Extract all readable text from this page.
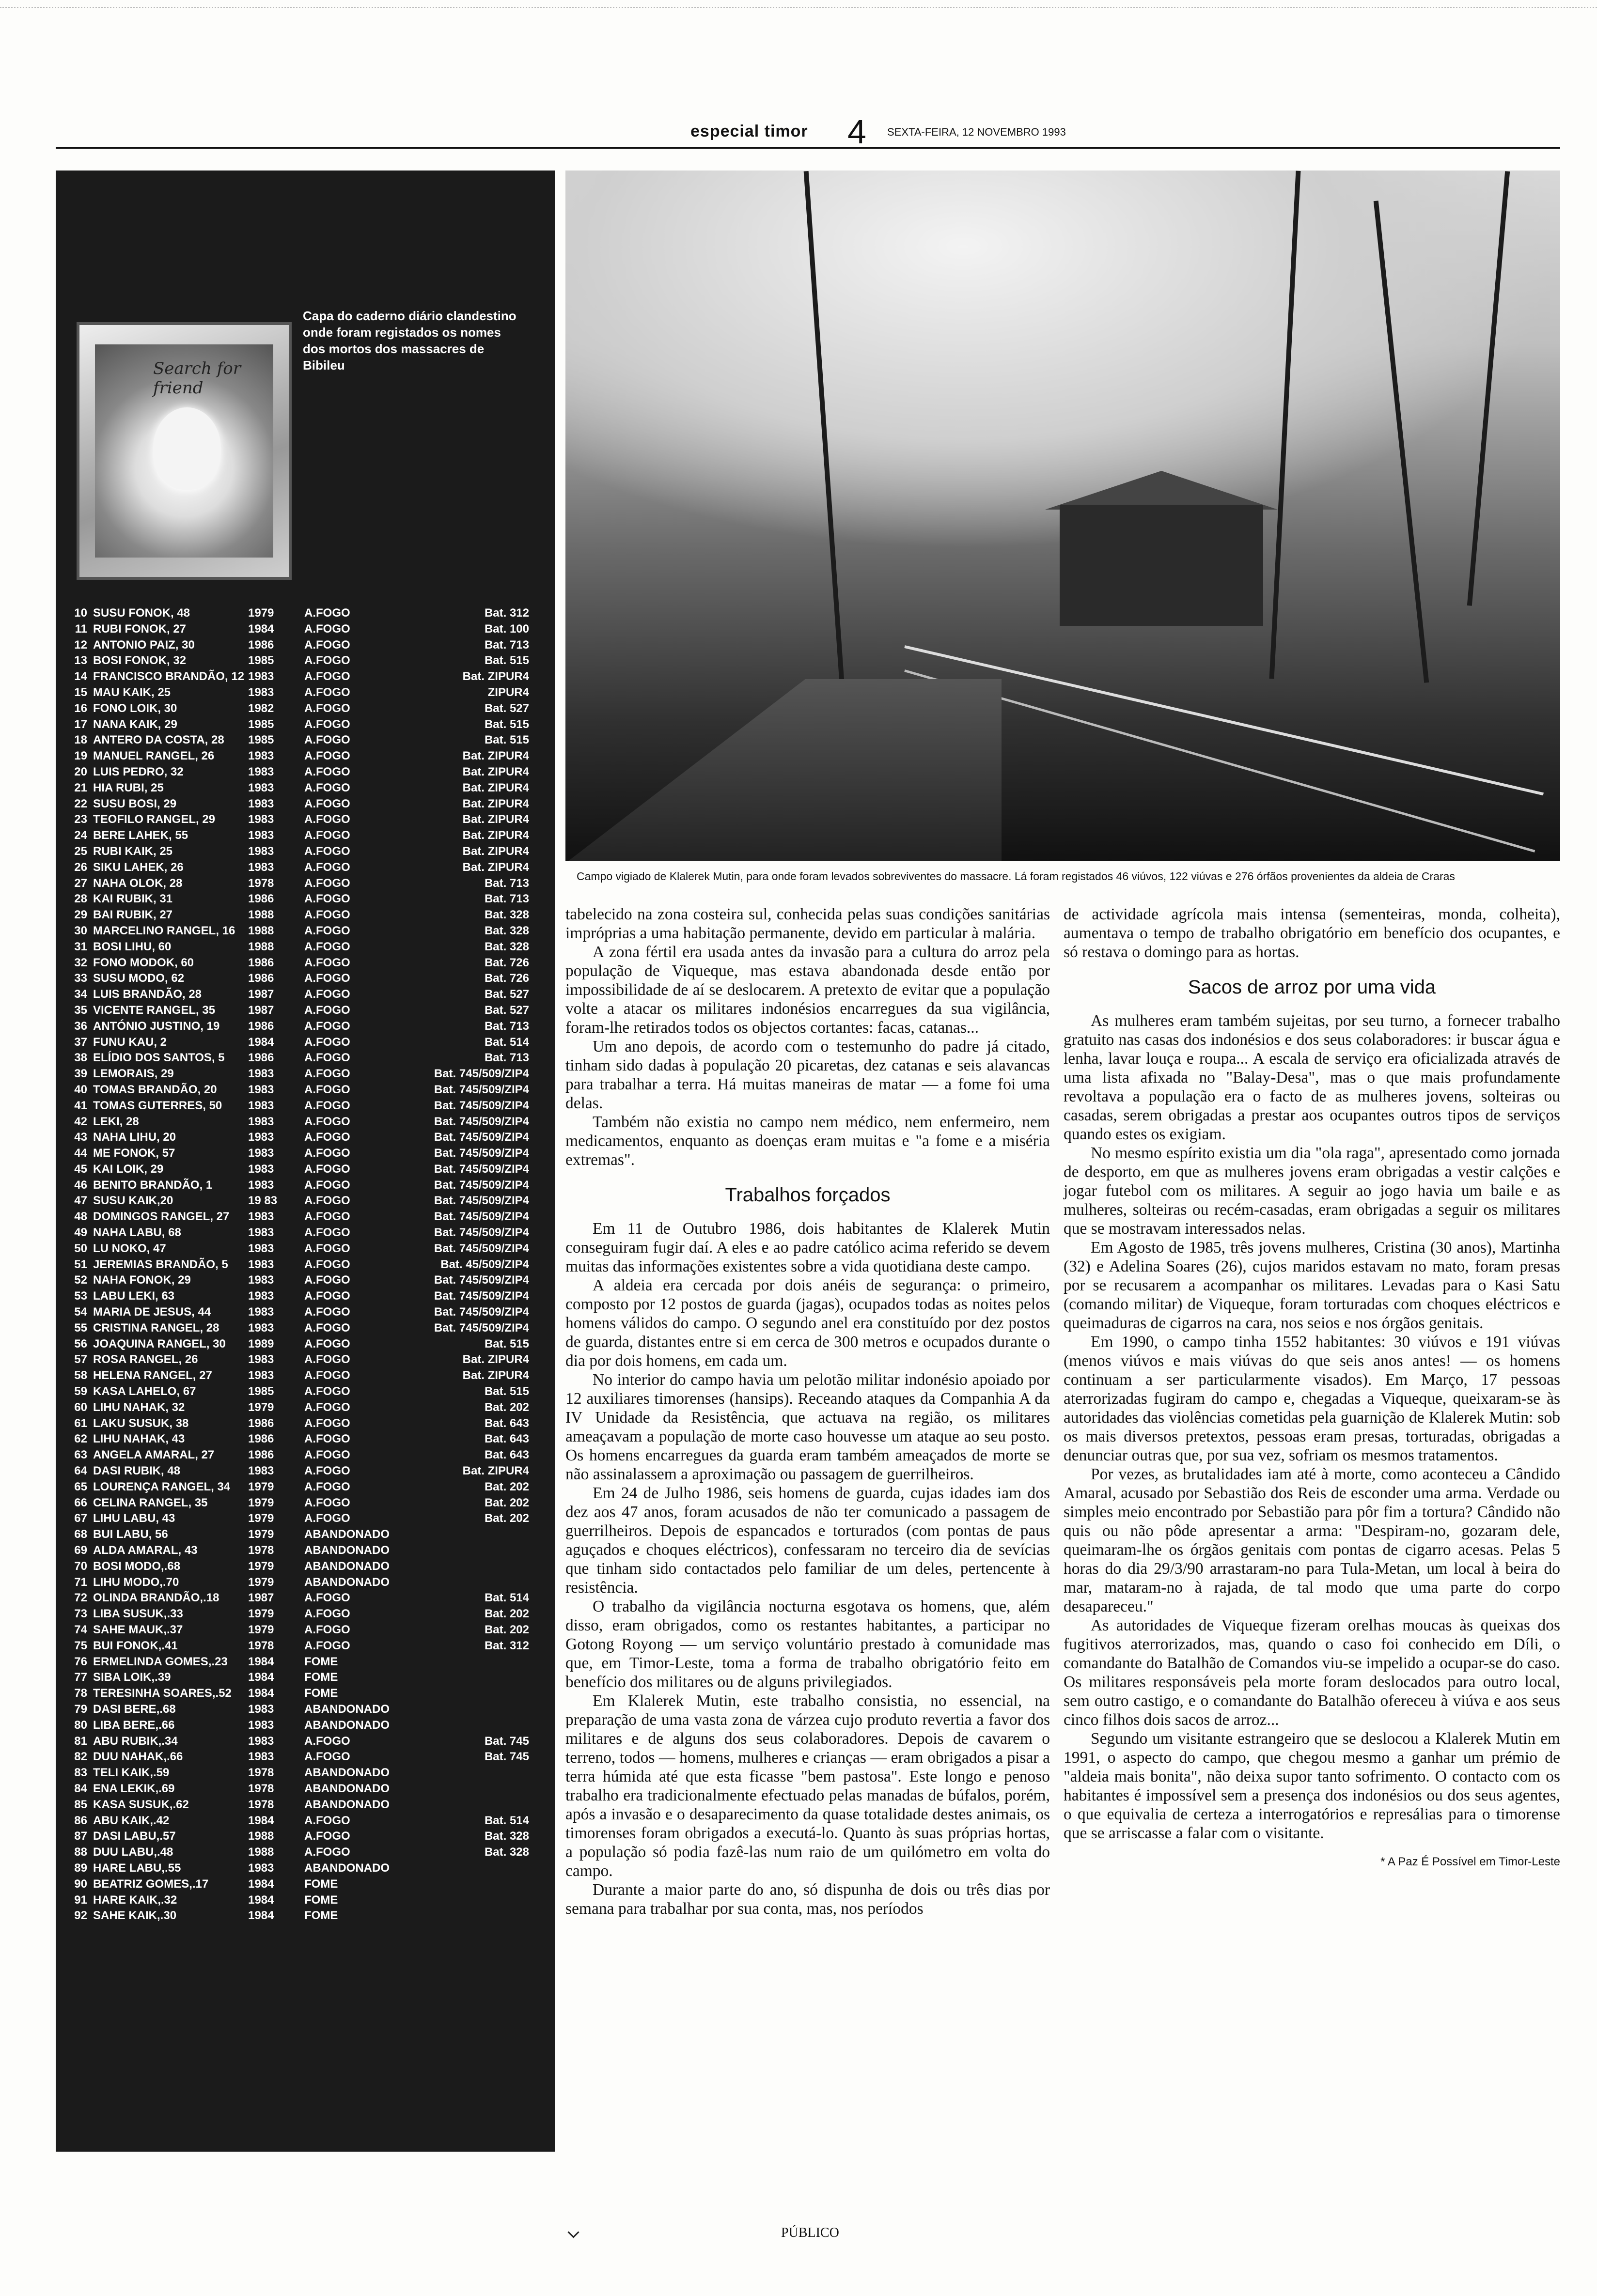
especial timor 4 SEXTA-FEIRA, 12 NOVEMBRO 1993
Search for friend
Capa do caderno diário clandestino onde foram registados os nomes dos mortos dos massacres de Bibileu
10 SUSU FONOK, 48	1979	A.FOGO	Bat. 312
11 RUBI FONOK, 27	1984	A.FOGO	Bat. 100
12 ANTONIO PAIZ, 30	1986	A.FOGO	Bat. 713
13 BOSI FONOK, 32	1985	A.FOGO	Bat. 515
14 FRANCISCO BRANDÃO, 12 1983	A.FOGO	Bat. ZIPUR4
15 MAU KAIK, 25	1983	A.FOGO	ZIPUR4
16 FONO LOIK, 30	1982	A.FOGO	Bat. 527
17 NANA KAIK, 29	1985	A.FOGO	Bat. 515
18 ANTERO DA COSTA, 28 1985	A.FOGO	Bat. 515
19 MANUEL RANGEL, 26	1983	A.FOGO	Bat. ZIPUR4
20 LUIS PEDRO, 32	1983	A.FOGO	Bat. ZIPUR4
21 HIA RUBI, 25	1983	A.FOGO	Bat. ZIPUR4
22 SUSU BOSI, 29	1983	A.FOGO	Bat. ZIPUR4
23 TEOFILO RANGEL, 29	1983	A.FOGO	Bat. ZIPUR4
24 BERE LAHEK, 55	1983	A.FOGO	Bat. ZIPUR4
25 RUBI KAIK, 25	1983	A.FOGO	Bat. ZIPUR4
26 SIKU LAHEK, 26	1983	A.FOGO	Bat. ZIPUR4
27 NAHA OLOK, 28	1978	A.FOGO	Bat. 713
28 KAI RUBIK, 31	1986	A.FOGO	Bat. 713
29 BAI RUBIK, 27	1988	A.FOGO	Bat. 328
30 MARCELINO RANGEL, 16 1988	A.FOGO	Bat. 328
31 BOSI LIHU, 60	1988	A.FOGO	Bat. 328
32 FONO MODOK, 60	1986	A.FOGO	Bat. 726
33 SUSU MODO, 62	1986	A.FOGO	Bat. 726
34 LUIS BRANDÃO, 28	1987	A.FOGO	Bat. 527
35 VICENTE RANGEL, 35	1987	A.FOGO	Bat. 527
36 ANTÓNIO JUSTINO, 19 1986	A.FOGO	Bat. 713
37 FUNU KAU, 2	1984	A.FOGO	Bat. 514
38 ELÍDIO DOS SANTOS, 5 1986	A.FOGO	Bat. 713
39 LEMORAIS, 29	1983	A.FOGO	Bat. 745/509/ZIP4
40 TOMAS BRANDÃO, 20	1983	A.FOGO	Bat. 745/509/ZIP4
41 TOMAS GUTERRES, 50 1983	A.FOGO	Bat. 745/509/ZIP4
42 LEKI, 28	1983	A.FOGO	Bat. 745/509/ZIP4
43 NAHA LIHU, 20	1983	A.FOGO	Bat. 745/509/ZIP4
44 ME FONOK, 57	1983	A.FOGO	Bat. 745/509/ZIP4
45 KAI LOIK, 29	1983	A.FOGO	Bat. 745/509/ZIP4
46 BENITO BRANDÃO, 1	1983	A.FOGO	Bat. 745/509/ZIP4
47 SUSU KAIK,20	19 83 A.FOGO	Bat. 745/509/ZIP4
48 DOMINGOS RANGEL, 27 1983	A.FOGO	Bat. 745/509/ZIP4
49 NAHA LABU, 68	1983	A.FOGO	Bat. 745/509/ZIP4
50 LU NOKO, 47	1983	A.FOGO	Bat. 745/509/ZIP4
51 JEREMIAS BRANDÃO, 5 1983	A.FOGO	Bat. 45/509/ZIP4
52 NAHA FONOK, 29	1983	A.FOGO	Bat. 745/509/ZIP4
53 LABU LEKI, 63	1983	A.FOGO	Bat. 745/509/ZIP4
54 MARIA DE JESUS, 44	1983	A.FOGO	Bat. 745/509/ZIP4
55 CRISTINA RANGEL, 28 1983	A.FOGO	Bat. 745/509/ZIP4
56 JOAQUINA RANGEL, 30 1989	A.FOGO	Bat. 515
57 ROSA RANGEL, 26	1983	A.FOGO	Bat. ZIPUR4
58 HELENA RANGEL, 27	1983	A.FOGO	Bat. ZIPUR4
59 KASA LAHELO, 67	1985	A.FOGO	Bat. 515
60 LIHU NAHAK, 32	1979	A.FOGO	Bat. 202
61 LAKU SUSUK, 38	1986	A.FOGO	Bat. 643
62 LIHU NAHAK, 43	1986	A.FOGO	Bat. 643
63 ANGELA AMARAL, 27	1986	A.FOGO	Bat. 643
64 DASI RUBIK, 48	1983	A.FOGO	Bat. ZIPUR4
65 LOURENÇA RANGEL, 34 1979	A.FOGO	Bat. 202
66 CELINA RANGEL, 35	1979	A.FOGO	Bat. 202
67 LIHU LABU, 43	1979	A.FOGO	Bat. 202
68 BUI LABU, 56	1979	ABANDONADO
69 ALDA AMARAL, 43	1978	ABANDONADO
70 BOSI MODO,.68	1979	ABANDONADO
71 LIHU MODO,.70	1979	ABANDONADO
72 OLINDA BRANDÃO,.18 1987	A.FOGO	Bat. 514
73 LIBA SUSUK,.33	1979	A.FOGO	Bat. 202
74 SAHE MAUK,.37	1979	A.FOGO	Bat. 202
75 BUI FONOK,.41	1978	A.FOGO	Bat. 312
76 ERMELINDA GOMES,.23 1984	FOME
77 SIBA LOIK,.39	1984	FOME
78 TERESINHA SOARES,.52 1984	FOME
79 DASI BERE,.68	1983	ABANDONADO
80 LIBA BERE,.66	1983	ABANDONADO
81 ABU RUBIK,.34	1983	A.FOGO	Bat. 745
82 DUU NAHAK,.66	1983	A.FOGO	Bat. 745
83 TELI KAIK,.59	1978	ABANDONADO
84 ENA LEKIK,.69	1978	ABANDONADO
85 KASA SUSUK,.62	1978	ABANDONADO
86 ABU KAIK,.42	1984	A.FOGO	Bat. 514
87 DASI LABU,.57	1988	A.FOGO	Bat. 328
88 DUU LABU,.48	1988	A.FOGO	Bat. 328
89 HARE LABU,.55	1983	ABANDONADO
90 BEATRIZ GOMES,.17	1984	FOME
91 HARE KAIK,.32	1984	FOME
92 SAHE KAIK,.30	1984	FOME
Campo vigiado de Klalerek Mutin, para onde foram levados sobreviventes do massacre. Lá foram registados 46 viúvos, 122 viúvas e 276 órfãos provenientes da aldeia de Craras

tabelecido na zona costeira sul, conhecida pelas suas condições sanitárias impróprias a uma habitação permanente, devido em particular à malária.

A zona fértil era usada antes da invasão para a cultura do arroz pela população de Viqueque, mas estava abandonada desde então por impossibilidade de aí se deslocarem. A pretexto de evitar que a população volte a atacar os militares indonésios encarregues da sua vigilância, foram-lhe retirados todos os objectos cortantes: facas, catanas...

Um ano depois, de acordo com o testemunho do padre já citado, tinham sido dadas à população 20 picaretas, dez catanas e seis alavancas para trabalhar a terra. Há muitas maneiras de matar — a fome foi uma delas.

Também não existia no campo nem médico, nem enfermeiro, nem medicamentos, enquanto as doenças eram muitas e "a fome e a miséria extremas".

Trabalhos forçados

Em 11 de Outubro 1986, dois habitantes de Klalerek Mutin conseguiram fugir daí. A eles e ao padre católico acima referido se devem muitas das informações existentes sobre a vida quotidiana deste campo.

A aldeia era cercada por dois anéis de segurança: o primeiro, composto por 12 postos de guarda (jagas), ocupados todas as noites pelos homens válidos do campo. O segundo anel era constituído por dez postos de guarda, distantes entre si em cerca de 300 metros e ocupados durante o dia por dois homens, em cada um.

No interior do campo havia um pelotão militar indonésio apoiado por 12 auxiliares timorenses (hansips). Receando ataques da Companhia A da IV Unidade da Resistência, que actuava na região, os militares ameaçavam a população de morte caso houvesse um ataque ao seu posto. Os homens encarregues da guarda eram também ameaçados de morte se não assinalassem a aproximação ou passagem de guerrilheiros.

Em 24 de Julho 1986, seis homens de guarda, cujas idades iam dos dez aos 47 anos, foram acusados de não ter comunicado a passagem de guerrilheiros. Depois de espancados e torturados (com pontas de paus aguçados e choques eléctricos), confessaram no terceiro dia de sevícias que tinham sido contactados pelo familiar de um deles, pertencente à resistência.

O trabalho da vigilância nocturna esgotava os homens, que, além disso, eram obrigados, como os restantes habitantes, a participar no Gotong Royong — um serviço voluntário prestado à comunidade mas que, em Timor-Leste, toma a forma de trabalho obrigatório feito em benefício dos militares ou de alguns privilegiados.

Em Klalerek Mutin, este trabalho consistia, no essencial, na preparação de uma vasta zona de várzea cujo produto revertia a favor dos militares e de alguns dos seus colaboradores. Depois de cavarem o terreno, todos — homens, mulheres e crianças — eram obrigados a pisar a terra húmida até que esta ficasse "bem pastosa". Este longo e penoso trabalho era tradicionalmente efectuado pelas manadas de búfalos, porém, após a invasão e o desaparecimento da quase totalidade destes animais, os timorenses foram obrigados a executá-lo. Quanto às suas próprias hortas, a população só podia fazê-las num raio de um quilómetro em volta do campo.

Durante a maior parte do ano, só dispunha de dois ou três dias por semana para trabalhar por sua conta, mas, nos períodos

de actividade agrícola mais intensa (sementeiras, monda, colheita), aumentava o tempo de trabalho obrigatório em benefício dos ocupantes, e só restava o domingo para as hortas.

Sacos de arroz por uma vida

As mulheres eram também sujeitas, por seu turno, a fornecer trabalho gratuito nas casas dos indonésios e dos seus colaboradores: ir buscar água e lenha, lavar louça e roupa... A escala de serviço era oficializada através de uma lista afixada no "Balay-Desa", mas o que mais profundamente revoltava a população era o facto de as mulheres jovens, solteiras ou casadas, serem obrigadas a prestar aos ocupantes outros tipos de serviços quando estes os exigiam.

No mesmo espírito existia um dia "ola raga", apresentado como jornada de desporto, em que as mulheres jovens eram obrigadas a vestir calções e jogar futebol com os militares. A seguir ao jogo havia um baile e as mulheres, solteiras ou recém-casadas, eram obrigadas a seguir os militares que se mostravam interessados nelas.

Em Agosto de 1985, três jovens mulheres, Cristina (30 anos), Martinha (32) e Adelina Soares (26), cujos maridos estavam no mato, foram presas por se recusarem a acompanhar os militares. Levadas para o Kasi Satu (comando militar) de Viqueque, foram torturadas com choques eléctricos e queimaduras de cigarros na cara, nos seios e nos órgãos genitais.

Em 1990, o campo tinha 1552 habitantes: 30 viúvos e 191 viúvas (menos viúvos e mais viúvas do que seis anos antes! — os homens continuam a ser particularmente visados). Em Março, 17 pessoas aterrorizadas fugiram do campo e, chegadas a Viqueque, queixaram-se às autoridades das violências cometidas pela guarnição de Klalerek Mutin: sob os mais diversos pretextos, pessoas eram presas, torturadas, obrigadas a denunciar outras que, por sua vez, sofriam os mesmos tratamentos.

Por vezes, as brutalidades iam até à morte, como aconteceu a Cândido Amaral, acusado por Sebastião dos Reis de esconder uma arma. Verdade ou simples meio encontrado por Sebastião para pôr fim a tortura? Cândido não quis ou não pôde apresentar a arma: "Despiram-no, gozaram dele, queimaram-lhe os órgãos genitais com pontas de cigarro acesas. Pelas 5 horas do dia 29/3/90 arrastaram-no para Tula-Metan, um local à beira do mar, mataram-no à rajada, de tal modo que uma parte do corpo desapareceu."

As autoridades de Viqueque fizeram orelhas moucas às queixas dos fugitivos aterrorizados, mas, quando o caso foi conhecido em Díli, o comandante do Batalhão de Comandos viu-se impelido a ocupar-se do caso. Os militares responsáveis pela morte foram deslocados para outro local, sem outro castigo, e o comandante do Batalhão ofereceu à viúva e aos seus cinco filhos dois sacos de arroz...

Segundo um visitante estrangeiro que se deslocou a Klalerek Mutin em 1991, o aspecto do campo, que chegou mesmo a ganhar um prémio de "aldeia mais bonita", não deixa supor tanto sofrimento. O contacto com os habitantes é impossível sem a presença dos indonésios ou dos seus agentes, o que equivalia de certeza a interrogatórios e represálias para o timorense que se arriscasse a falar com o visitante.

* A Paz É Possível em Timor-Leste
PÚBLICO
